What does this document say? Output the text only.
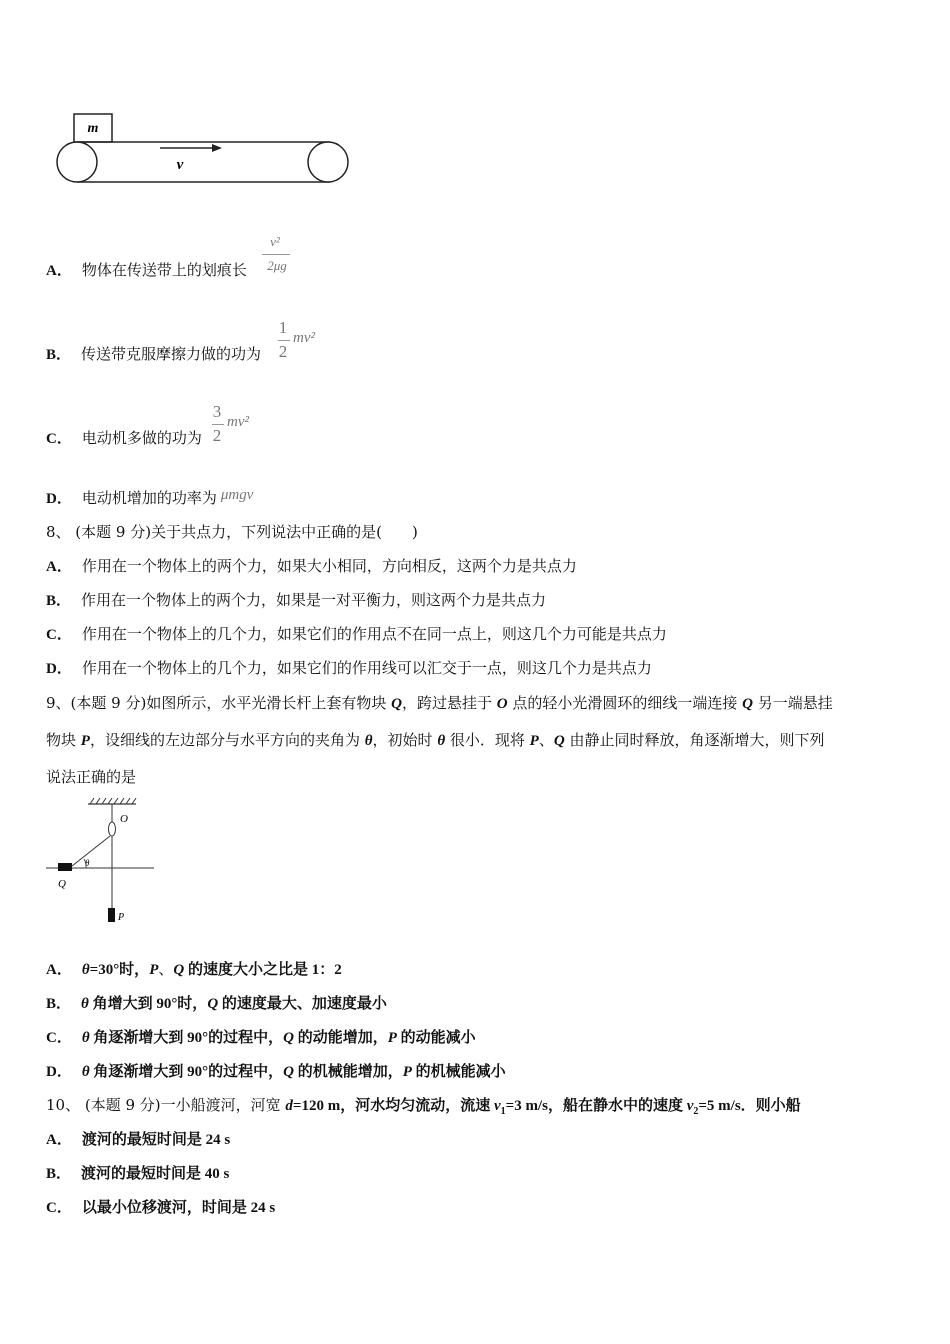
m
v
A． 物体在传送带上的划痕长
v²
2μg
B． 传送带克服摩擦力做的功为
1
2
mv²
C． 电动机多做的功为
3
2
mv²
D． 电动机增加的功率为 μmgv
8、 (本题 9 分)关于共点力，下列说法中正确的是(　　)
A． 作用在一个物体上的两个力，如果大小相同，方向相反，这两个力是共点力
B． 作用在一个物体上的两个力，如果是一对平衡力，则这两个力是共点力
C． 作用在一个物体上的几个力，如果它们的作用点不在同一点上，则这几个力可能是共点力
D． 作用在一个物体上的几个力，如果它们的作用线可以汇交于一点，则这几个力是共点力
9、(本题 9 分)如图所示，水平光滑长杆上套有物块 Q，跨过悬挂于 O 点的轻小光滑圆环的细线一端连接 Q 另一端悬挂
物块 P，设细线的左边部分与水平方向的夹角为 θ，初始时 θ 很小．现将 P、Q 由静止同时释放，角逐渐增大，则下列
说法正确的是
O
θ
Q
P
A． θ=30°时，P、Q 的速度大小之比是 1：2
B． θ 角增大到 90°时，Q 的速度最大、加速度最小
C． θ 角逐渐增大到 90°的过程中，Q 的动能增加，P 的动能减小
D． θ 角逐渐增大到 90°的过程中，Q 的机械能增加，P 的机械能减小
10、 (本题 9 分)一小船渡河，河宽 d=120 m，河水均匀流动，流速 $v_1=3$ m/s，船在静水中的速度 $v_2=5$ m/s．则小船
A． 渡河的最短时间是 24 s
B． 渡河的最短时间是 40 s
C． 以最小位移渡河，时间是 24 s
